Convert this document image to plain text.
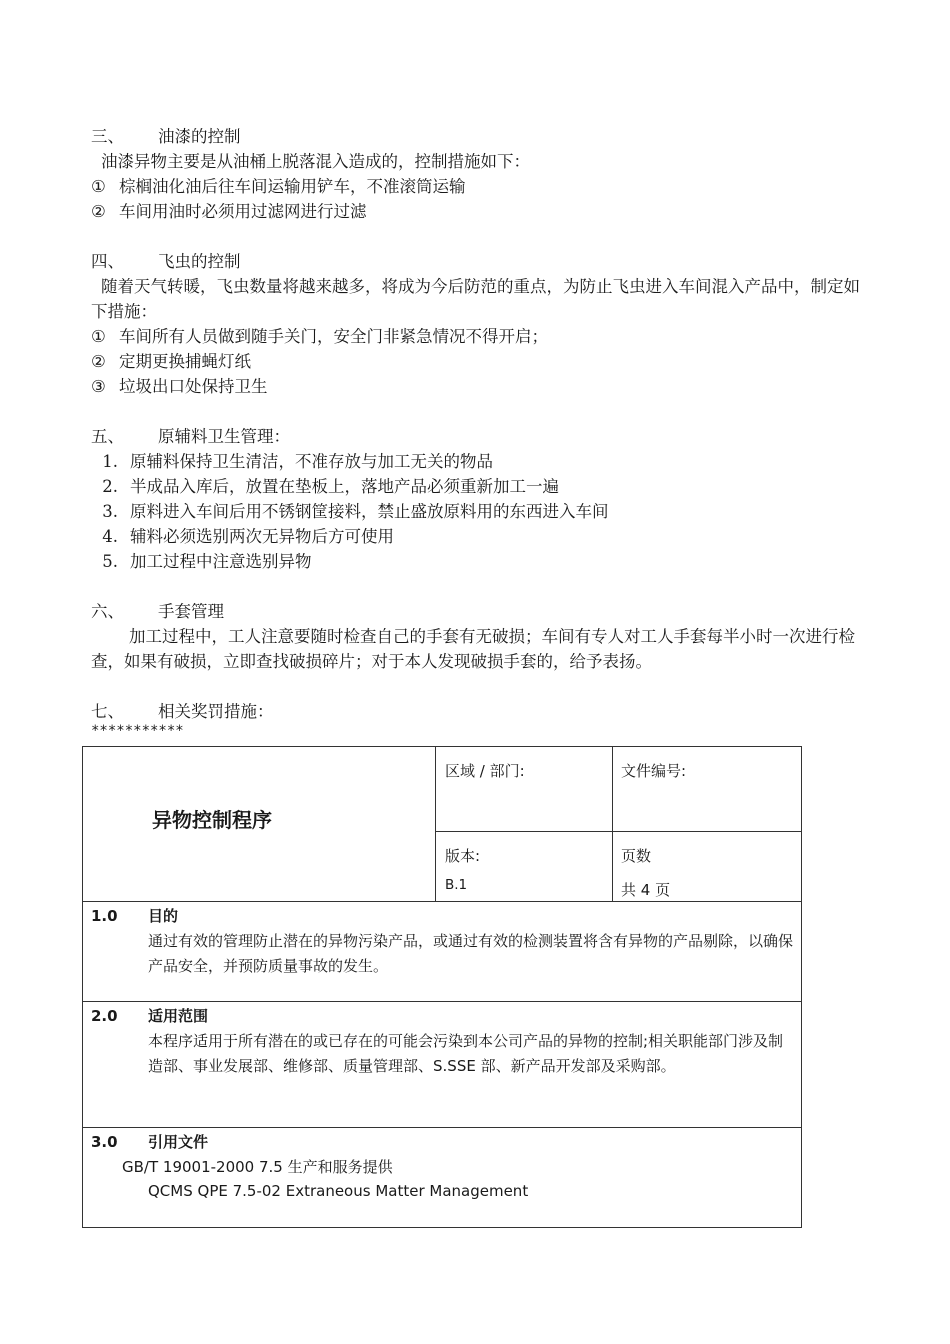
三、 油漆的控制
油漆异物主要是从油桶上脱落混入造成的，控制措施如下：
① 棕榈油化油后往车间运输用铲车，不准滚筒运输
② 车间用油时必须用过滤网进行过滤
四、 飞虫的控制
随着天气转暖，飞虫数量将越来越多，将成为今后防范的重点，为防止飞虫进入车间混入产品中，制定如下措施：
① 车间所有人员做到随手关门，安全门非紧急情况不得开启；
② 定期更换捕蝇灯纸
③ 垃圾出口处保持卫生
五、 原辅料卫生管理：
1. 原辅料保持卫生清洁，不准存放与加工无关的物品
2. 半成品入库后，放置在垫板上，落地产品必须重新加工一遍
3. 原料进入车间后用不锈钢筐接料，禁止盛放原料用的东西进入车间
4. 辅料必须选别两次无异物后方可使用
5. 加工过程中注意选别异物
六、 手套管理
加工过程中，工人注意要随时检查自己的手套有无破损；车间有专人对工人手套每半小时一次进行检查，如果有破损，立即查找破损碎片；对于本人发现破损手套的，给予表扬。
七、 相关奖罚措施：
***********
异物控制程序
区域 / 部门:	文件编号:
版本:
B.1
页数
共 4 页
1.0 目的
通过有效的管理防止潜在的异物污染产品，或通过有效的检测装置将含有异物的产品剔除，以确保产品安全，并预防质量事故的发生。
2.0 适用范围
本程序适用于所有潜在的或已存在的可能会污染到本公司产品的异物的控制;相关职能部门涉及制造部、事业发展部、维修部、质量管理部、S.SSE 部、新产品开发部及采购部。
3.0 引用文件
GB/T 19001-2000 7.5 生产和服务提供
QCMS QPE 7.5-02 Extraneous Matter Management
